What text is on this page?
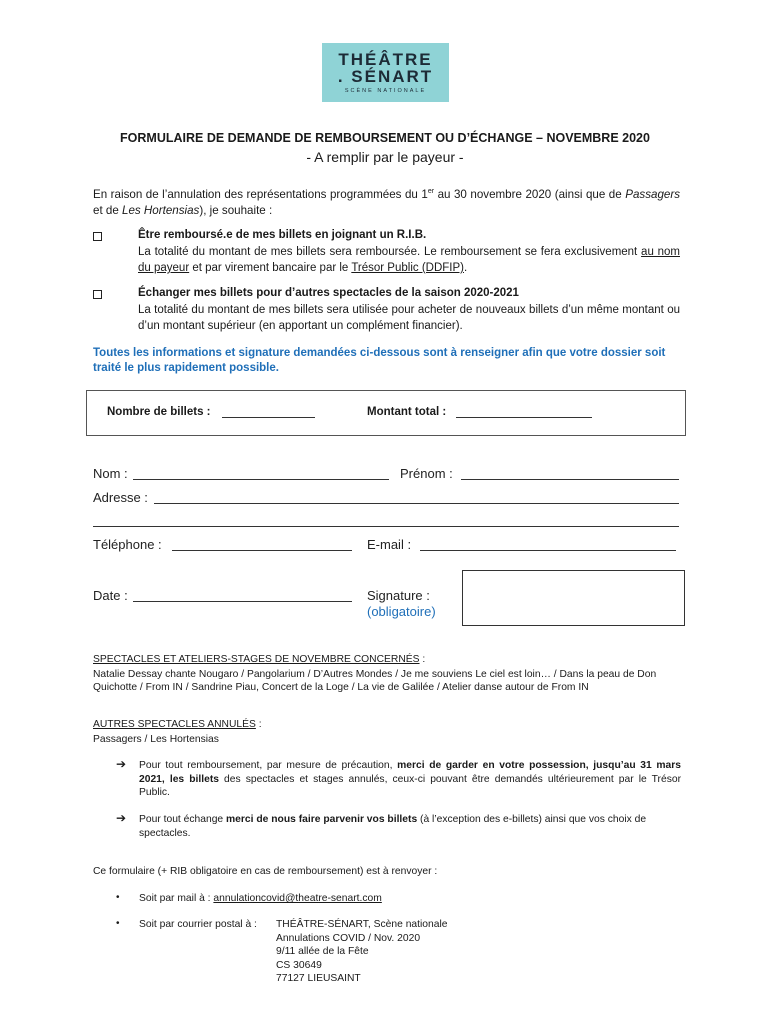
THÉÂTRE
. SÉNART
SCÈNE NATIONALE
FORMULAIRE DE DEMANDE DE REMBOURSEMENT OU D’ÉCHANGE – NOVEMBRE 2020
- A remplir par le payeur -
En raison de l’annulation des représentations programmées du 1er au 30 novembre 2020 (ainsi que de Passagers et de Les Hortensias), je souhaite :
Être remboursé.e de mes billets en joignant un R.I.B.
La totalité du montant de mes billets sera remboursée. Le remboursement se fera exclusivement au nom du payeur et par virement bancaire par le Trésor Public (DDFIP).
Échanger mes billets pour d’autres spectacles de la saison 2020-2021
La totalité du montant de mes billets sera utilisée pour acheter de nouveaux billets d’un même montant ou d’un montant supérieur (en apportant un complément financier).
Toutes les informations et signature demandées ci-dessous sont à renseigner afin que votre dossier soit traité le plus rapidement possible.
Nombre de billets :	Montant total :
Nom :	Prénom :
Adresse :
Téléphone :	E-mail :
Date :	Signature :
(obligatoire)
SPECTACLES ET ATELIERS-STAGES DE NOVEMBRE CONCERNÉS :
Natalie Dessay chante Nougaro / Pangolarium / D’Autres Mondes / Je me souviens Le ciel est loin… / Dans la peau de Don Quichotte / From IN / Sandrine Piau, Concert de la Loge / La vie de Galilée / Atelier danse autour de From IN
AUTRES SPECTACLES ANNULÉS :
Passagers / Les Hortensias
➔ Pour tout remboursement, par mesure de précaution, merci de garder en votre possession, jusqu’au 31 mars 2021, les billets des spectacles et stages annulés, ceux-ci pouvant être demandés ultérieurement par le Trésor Public.
➔ Pour tout échange merci de nous faire parvenir vos billets (à l’exception des e-billets) ainsi que vos choix de spectacles.
Ce formulaire (+ RIB obligatoire en cas de remboursement) est à renvoyer :
• Soit par mail à : annulationcovid@theatre-senart.com
• Soit par courrier postal à : THÉÂTRE-SÉNART, Scène nationale
Annulations COVID / Nov. 2020
9/11 allée de la Fête
CS 30649
77127 LIEUSAINT
